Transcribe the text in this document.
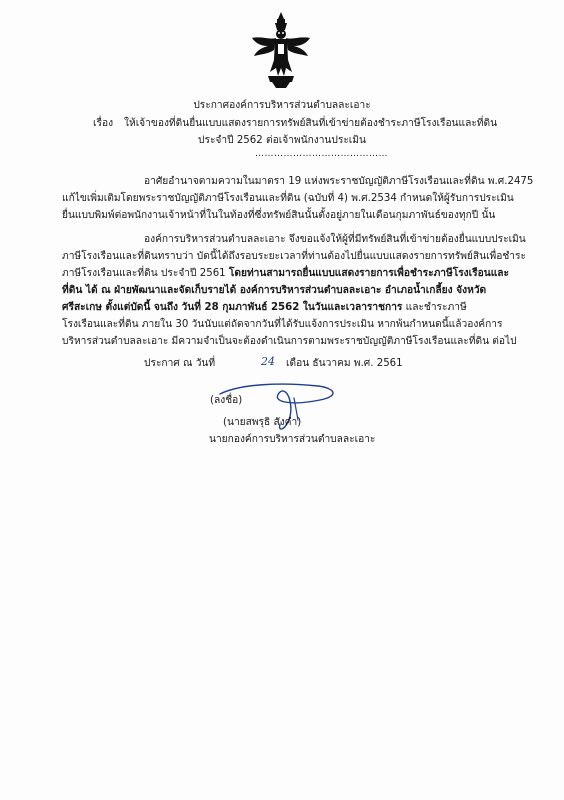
ประกาศองค์การบริหารส่วนตำบลละเอาะ
เรื่อง ให้เจ้าของที่ดินยื่นแบบแสดงรายการทรัพย์สินที่เข้าข่ายต้องชำระภาษีโรงเรือนและที่ดิน
ประจำปี 2562 ต่อเจ้าพนักงานประเมิน
……………………………………
อาศัยอำนาจตามความในมาตรา 19 แห่งพระราชบัญญัติภาษีโรงเรือนและที่ดิน พ.ศ.2475
แก้ไขเพิ่มเติมโดยพระราชบัญญัติภาษีโรงเรือนและที่ดิน (ฉบับที่ 4) พ.ศ.2534 กำหนดให้ผู้รับการประเมิน
ยื่นแบบพิมพ์ต่อพนักงานเจ้าหน้าที่ในในท้องที่ซึ่งทรัพย์สินนั้นตั้งอยู่ภายในเดือนกุมภาพันธ์ของทุกปี นั้น
องค์การบริหารส่วนตำบลละเอาะ จึงขอแจ้งให้ผู้ที่มีทรัพย์สินที่เข้าข่ายต้องยื่นแบบประเมิน
ภาษีโรงเรือนและที่ดินทราบว่า บัดนี้ได้ถึงรอบระยะเวลาที่ท่านต้องไปยื่นแบบแสดงรายการทรัพย์สินเพื่อชำระ
ภาษีโรงเรือนและที่ดิน ประจำปี 2561 โดยท่านสามารถยื่นแบบแสดงรายการเพื่อชำระภาษีโรงเรือนและ
ที่ดิน ได้ ณ ฝ่ายพัฒนาและจัดเก็บรายได้ องค์การบริหารส่วนตำบลละเอาะ อำเภอน้ำเกลี้ยง จังหวัด
ศรีสะเกษ ตั้งแต่บัดนี้ จนถึง วันที่ 28 กุมภาพันธ์ 2562 ในวันและเวลาราชการ และชำระภาษี
โรงเรือนและที่ดิน ภายใน 30 วันนับแต่ถัดจากวันที่ได้รับแจ้งการประเมิน หากพ้นกำหนดนี้แล้วองค์การ
บริหารส่วนตำบลละเอาะ มีความจำเป็นจะต้องดำเนินการตามพระราชบัญญัติภาษีโรงเรือนและที่ดิน ต่อไป
ประกาศ ณ วันที่	24 เดือน ธันวาคม พ.ศ. 2561
(ลงชื่อ)
(นายสพรุธิ สังคำ)
นายกองค์การบริหารส่วนตำบลละเอาะ
